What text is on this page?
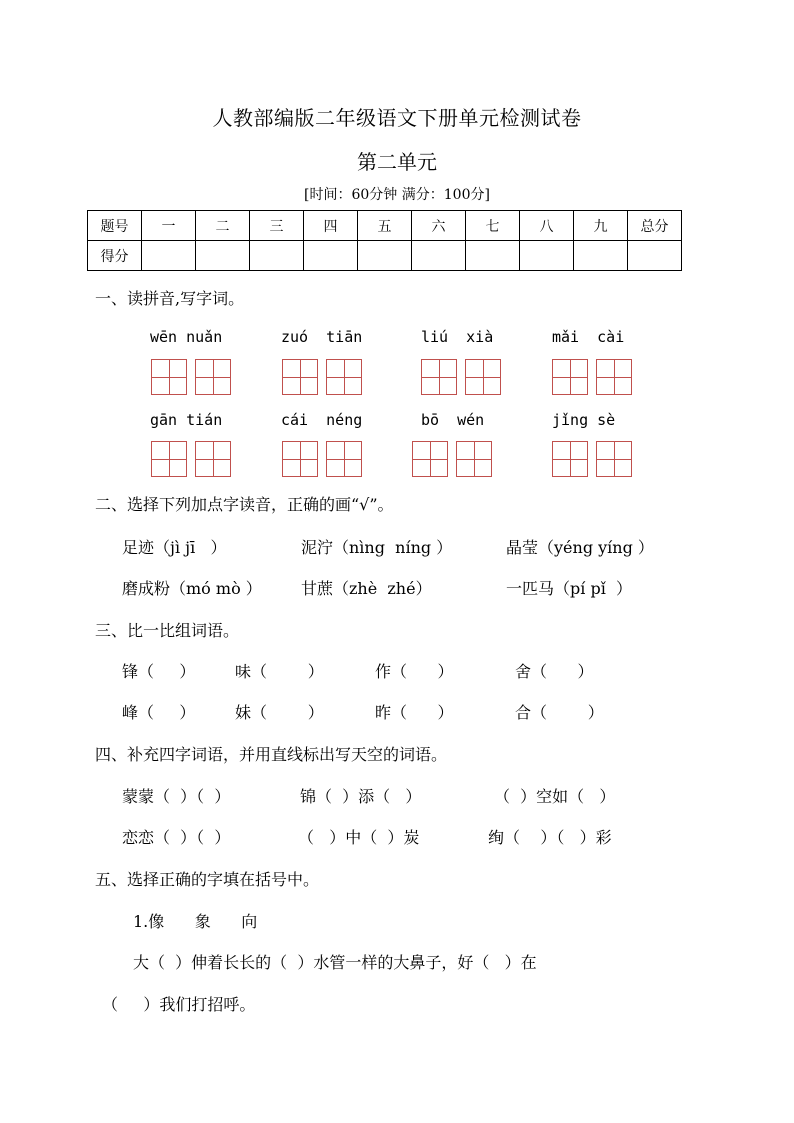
人教部编版二年级语文下册单元检测试卷
第二单元
[时间：60分钟 满分：100分]
题号	一	二	三	四	五	六	七	八	九	总分
得分										
一、读拼音,写字词。
wēn nuǎn	zuó  tiān	liú  xià	mǎi  cài
gān tián	cái  néng	bō  wén	jǐng sè
二、选择下列加点字读音，正确的画“√”。
足迹（jì jī   ）	泥泞（nìng  níng ）	晶莹（yéng yíng ）
磨成粉（mó mò ） 甘蔗（zhè  zhé）	一匹马（pí pǐ  ）
三、比一比组词语。
锋（     ） 味（        ）	作（      ）	舍（      ）
峰（     ） 妹（        ）	昨（      ）	合（        ）
四、补充四字词语，并用直线标出写天空的词语。
蒙蒙（  ）（  ）	锦（  ）添（   ）	（  ）空如（   ）
恋恋（  ）（  ）	（   ）中（  ）炭	绚（    ）（   ）彩
五、选择正确的字填在括号中。
1.像      象      向
大（  ）伸着长长的（  ）水管一样的大鼻子，好（   ）在
（     ）我们打招呼。
